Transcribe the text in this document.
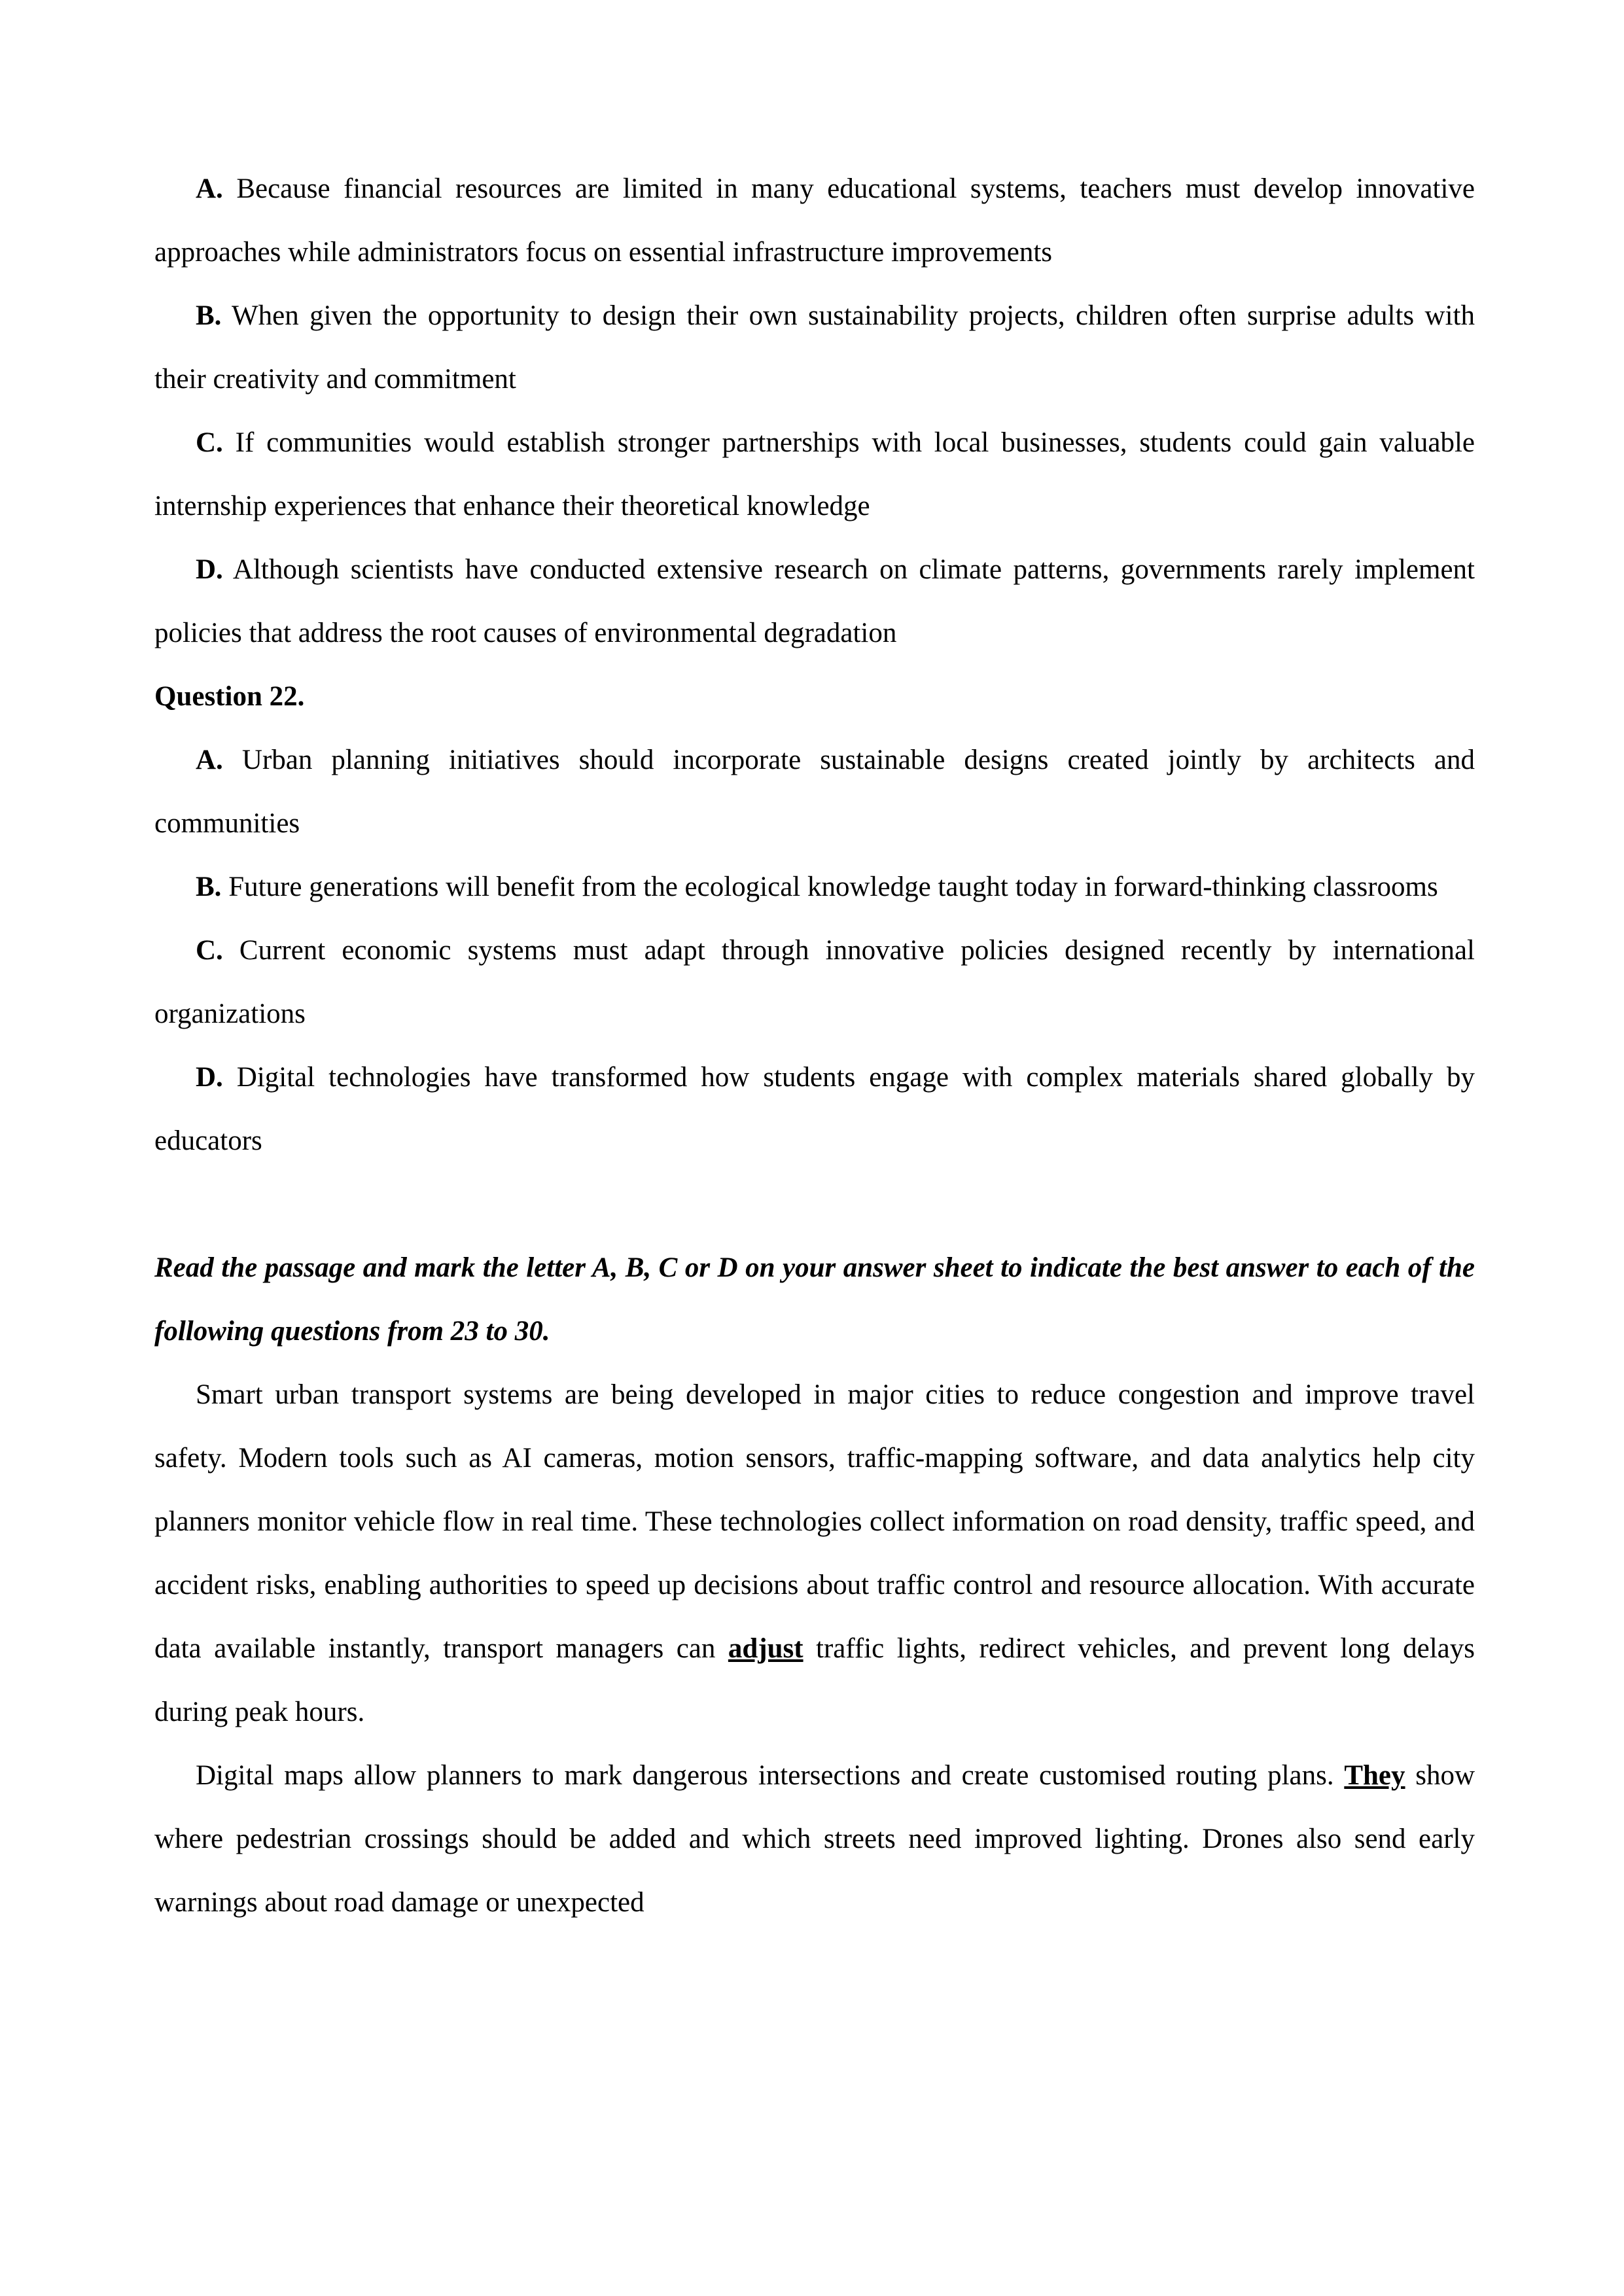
A. Because financial resources are limited in many educational systems, teachers must develop innovative approaches while administrators focus on essential infrastructure improvements

B. When given the opportunity to design their own sustainability projects, children often surprise adults with their creativity and commitment

C. If communities would establish stronger partnerships with local businesses, students could gain valuable internship experiences that enhance their theoretical knowledge

D. Although scientists have conducted extensive research on climate patterns, governments rarely implement policies that address the root causes of environmental degradation

Question 22.

A. Urban planning initiatives should incorporate sustainable designs created jointly by architects and communities

B. Future generations will benefit from the ecological knowledge taught today in forward-thinking classrooms

C. Current economic systems must adapt through innovative policies designed recently by international organizations

D. Digital technologies have transformed how students engage with complex materials shared globally by educators

Read the passage and mark the letter A, B, C or D on your answer sheet to indicate the best answer to each of the following questions from 23 to 30.

Smart urban transport systems are being developed in major cities to reduce congestion and improve travel safety. Modern tools such as AI cameras, motion sensors, traffic-mapping software, and data analytics help city planners monitor vehicle flow in real time. These technologies collect information on road density, traffic speed, and accident risks, enabling authorities to speed up decisions about traffic control and resource allocation. With accurate data available instantly, transport managers can adjust traffic lights, redirect vehicles, and prevent long delays during peak hours.

Digital maps allow planners to mark dangerous intersections and create customised routing plans. They show where pedestrian crossings should be added and which streets need improved lighting. Drones also send early warnings about road damage or unexpected
